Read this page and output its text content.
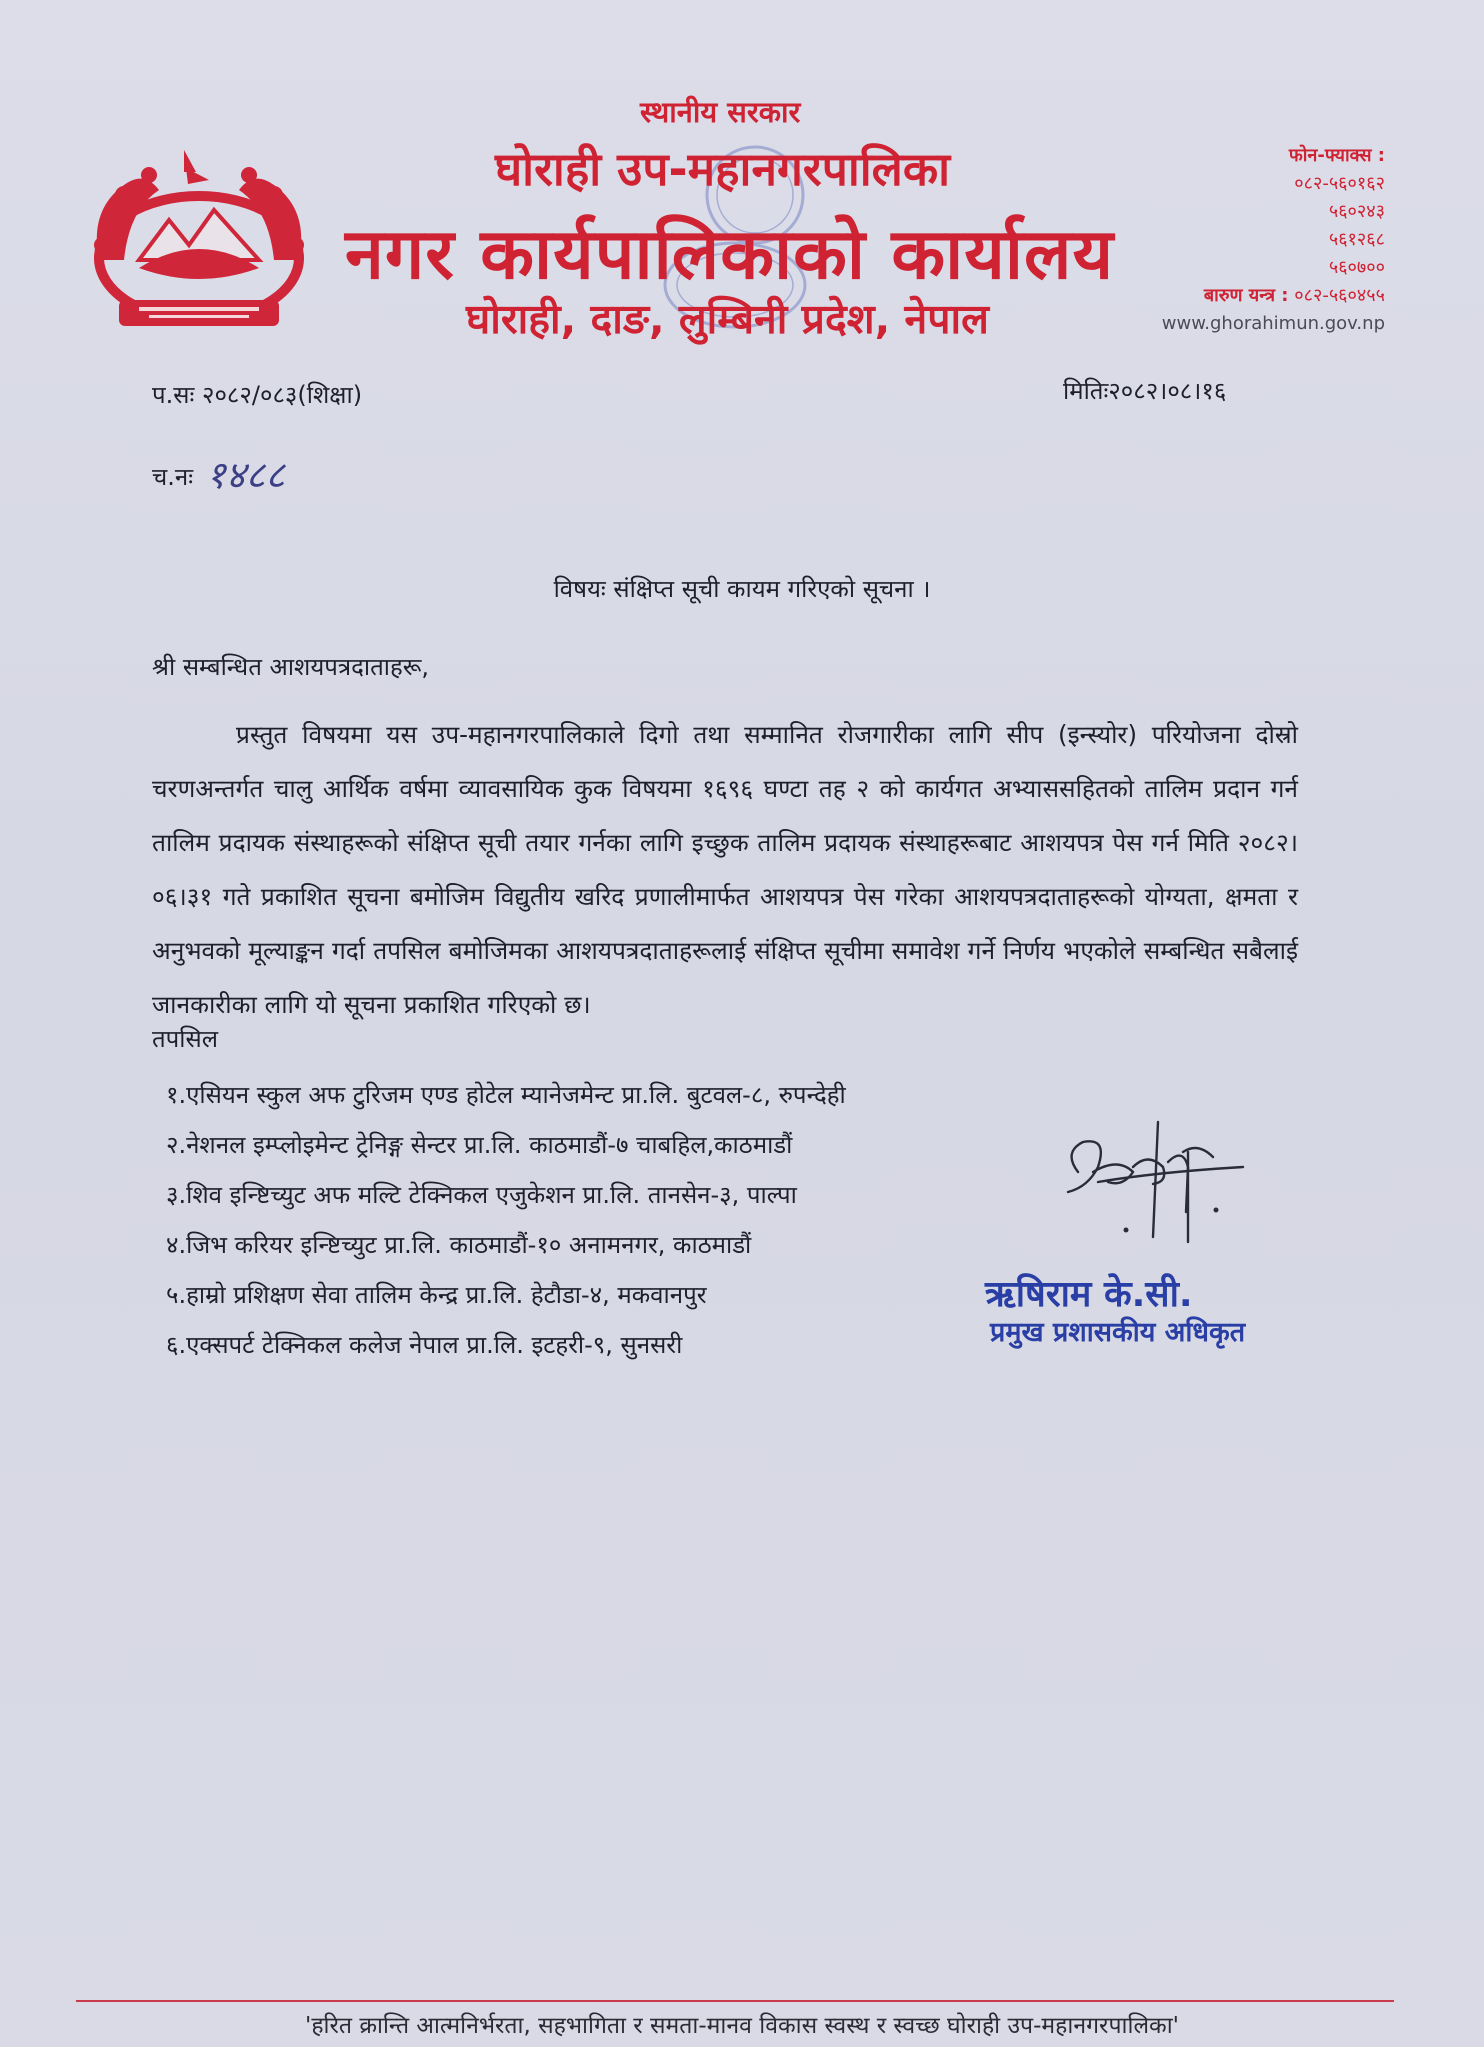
स्थानीय सरकार
घोराही उप-महानगरपालिका
नगर कार्यपालिकाको कार्यालय
घोराही, दाङ, लुम्बिनी प्रदेश, नेपाल
फोन-फ्याक्स :
०८२-५६०१६२
५६०२४३
५६१२६८
५६०७००
बारुण यन्त्र : ०८२-५६०४५५
www.ghorahimun.gov.np
प.सः २०८२/०८३(शिक्षा)	मितिः२०८२।०८।१६
च.नः १४८८
विषयः संक्षिप्त सूची कायम गरिएको सूचना ।
श्री सम्बन्धित आशयपत्रदाताहरू,
प्रस्तुत विषयमा यस उप-महानगरपालिकाले दिगो तथा सम्मानित रोजगारीका लागि सीप (इन्स्योर) परियोजना दोस्रो चरणअन्तर्गत चालु आर्थिक वर्षमा व्यावसायिक कुक विषयमा १६९६ घण्टा तह २ को कार्यगत अभ्याससहितको तालिम प्रदान गर्न तालिम प्रदायक संस्थाहरूको संक्षिप्त सूची तयार गर्नका लागि इच्छुक तालिम प्रदायक संस्थाहरूबाट आशयपत्र पेस गर्न मिति २०८२।०६।३१ गते प्रकाशित सूचना बमोजिम विद्युतीय खरिद प्रणालीमार्फत आशयपत्र पेस गरेका आशयपत्रदाताहरूको योग्यता, क्षमता र अनुभवको मूल्याङ्कन गर्दा तपसिल बमोजिमका आशयपत्रदाताहरूलाई संक्षिप्त सूचीमा समावेश गर्ने निर्णय भएकोले सम्बन्धित सबैलाई जानकारीका लागि यो सूचना प्रकाशित गरिएको छ।
तपसिल
१.एसियन स्कुल अफ टुरिजम एण्ड होटेल म्यानेजमेन्ट प्रा.लि. बुटवल-८, रुपन्देही
२.नेशनल इम्प्लोइमेन्ट ट्रेनिङ्ग सेन्टर प्रा.लि. काठमाडौं-७ चाबहिल,काठमाडौं
३.शिव इन्ष्टिच्युट अफ मल्टि टेक्निकल एजुकेशन प्रा.लि. तानसेन-३, पाल्पा
४.जिभ करियर इन्ष्टिच्युट प्रा.लि. काठमाडौं-१० अनामनगर, काठमाडौं
५.हाम्रो प्रशिक्षण सेवा तालिम केन्द्र प्रा.लि. हेटौडा-४, मकवानपुर
६.एक्सपर्ट टेक्निकल कलेज नेपाल प्रा.लि. इटहरी-९, सुनसरी
ऋषिराम के.सी.
प्रमुख प्रशासकीय अधिकृत
'हरित क्रान्ति आत्मनिर्भरता, सहभागिता र समता-मानव विकास स्वस्थ र स्वच्छ घोराही उप-महानगरपालिका'
